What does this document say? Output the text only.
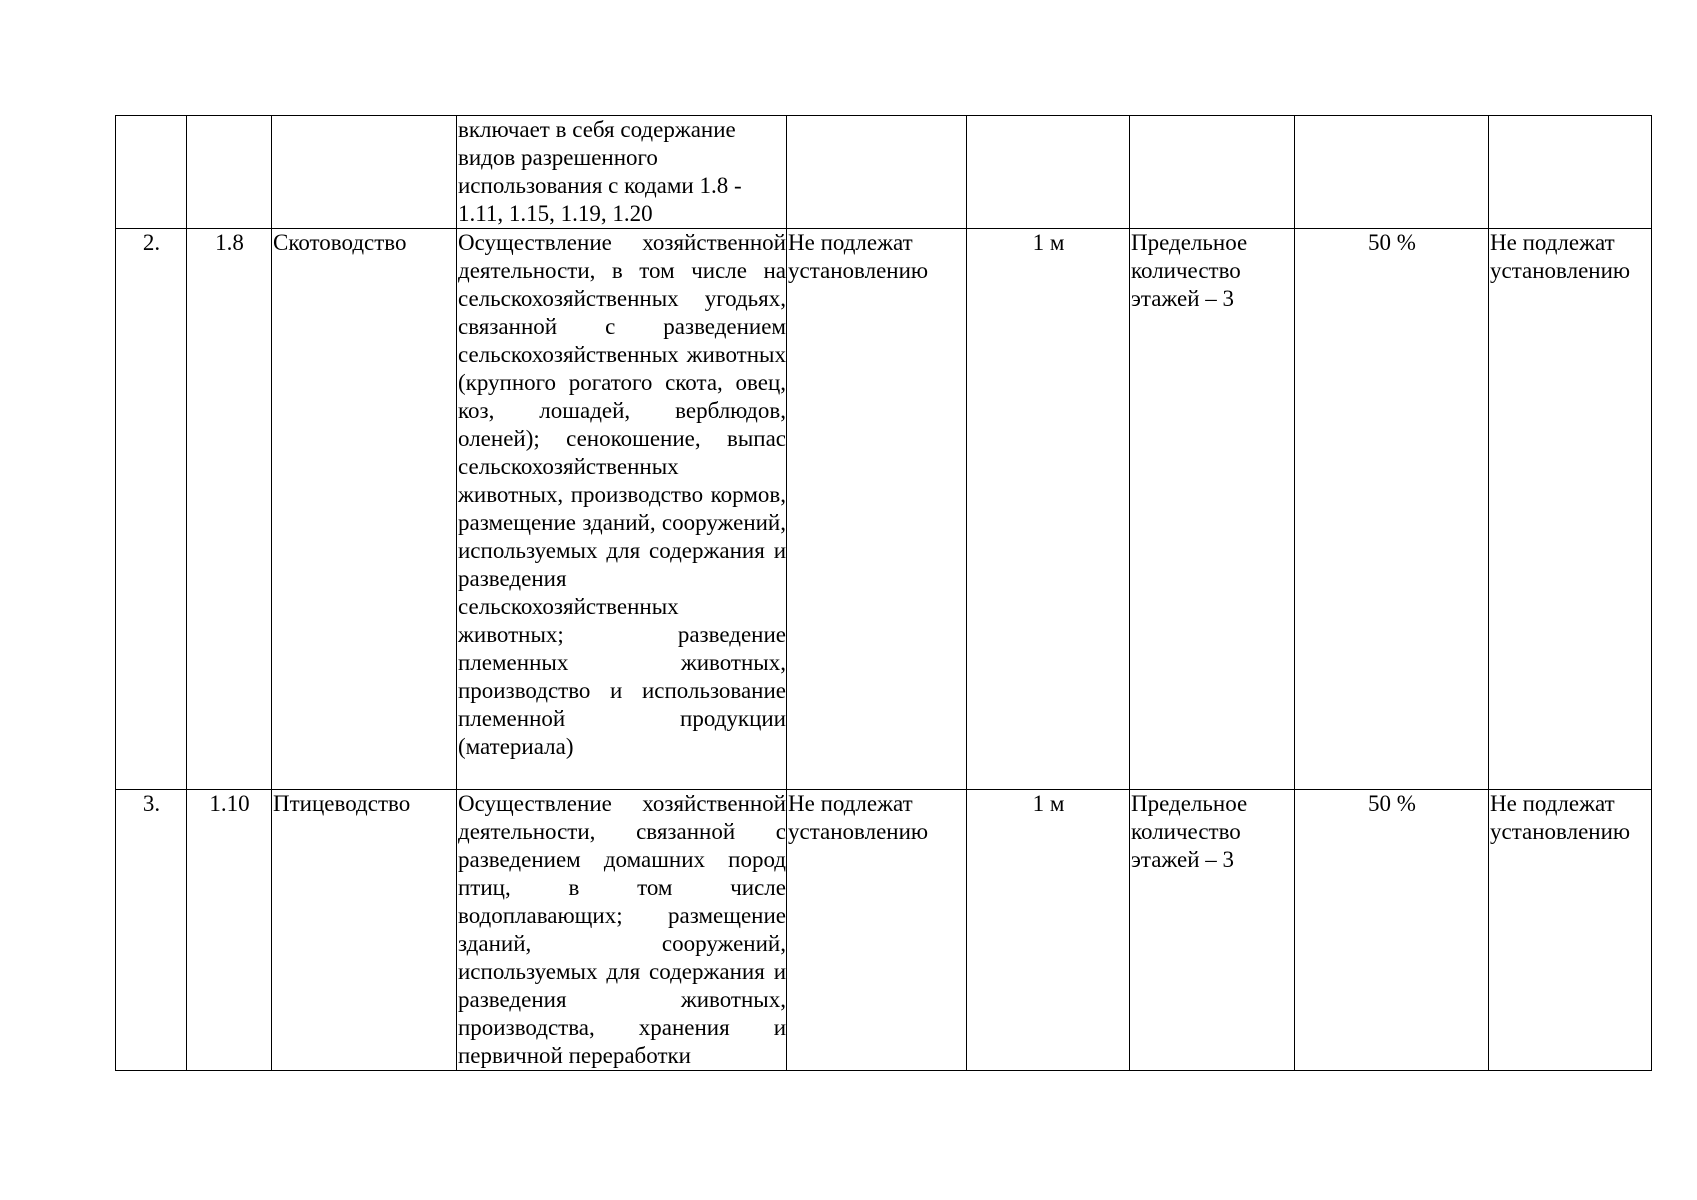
			включает в себя содержание
видов разрешенного
использования с кодами 1.8 -
1.11, 1.15, 1.19, 1.20					

2.	1.8	Скотоводство	Осуществление хозяйственной деятельности, в том числе на сельскохозяйственных угодьях, связанной с разведением сельскохозяйственных животных (крупного рогатого скота, овец, коз, лошадей, верблюдов, оленей); сенокошение, выпас сельскохозяйственных животных, производство кормов, размещение зданий, сооружений, используемых для содержания и разведения сельскохозяйственных животных; разведение племенных животных, производство и использование племенной продукции (материала)	Не подлежат установлению	1 м	Предельное количество этажей – 3	50 %	Не подлежат установлению
3.	1.10	Птицеводство	Осуществление хозяйственной деятельности, связанной с разведением домашних пород птиц, в том числе водоплавающих; размещение зданий, сооружений, используемых для содержания и разведения животных, производства, хранения и первичной переработки	Не подлежат установлению	1 м	Предельное количество этажей – 3	50 %	Не подлежат установлению
